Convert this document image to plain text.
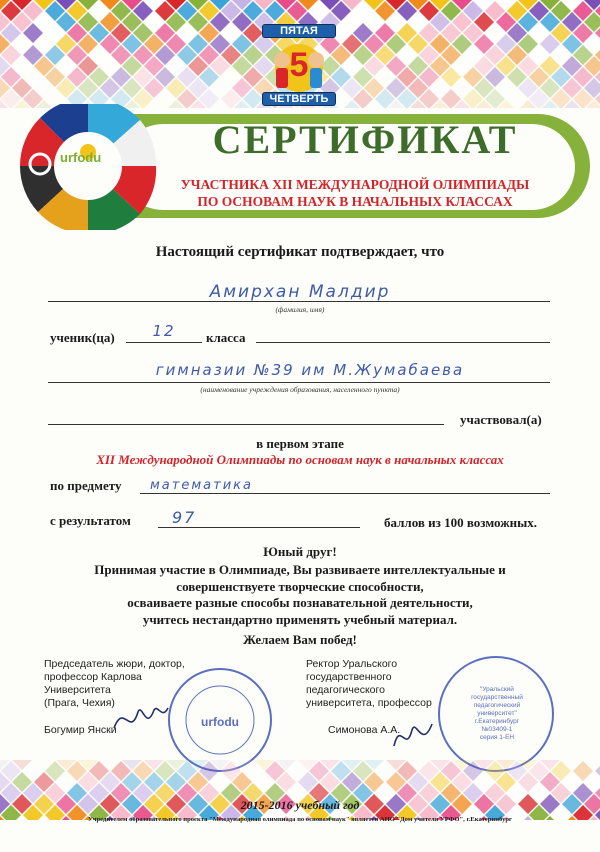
urfodu
ПЯТАЯ
5
ЧЕТВЕРТЬ
СЕРТИФИКАТ
УЧАСТНИКА XII МЕЖДУНАРОДНОЙ ОЛИМПИАДЫ
ПО ОСНОВАМ НАУК В НАЧАЛЬНЫХ КЛАССАХ
Настоящий сертификат подтверждает, что
Амирхан Малдир
(фамилия, имя)
ученик(ца)	12	класса
гимназии №39 им М.Жумабаева
(наименование учреждения образования, населенного пункта)
участвовал(а)
в первом этапе
XII Международной Олимпиады по основам наук в начальных классах
по предмету математика
с результатом	97	баллов из 100 возможных.
Юный друг!
Принимая участие в Олимпиаде, Вы развиваете интеллектуальные и
совершенствуете творческие способности,
осваиваете разные способы познавательной деятельности,
учитесь нестандартно применять учебный материал.
Желаем Вам побед!
Председатель жюри, доктор,
профессор Карлова
Университета
(Прага, Чехия)
Богумир Янски
urfodu
Ректор Уральского
государственного
педагогического
университета, профессор
Симонова А.А.
"Уральский
государственный
педагогический
университет"
г.Екатеринбург
№03409-1
серия 1-ЕН
2015-2016 учебный год
Учредителем образовательного проекта "Международная олимпиада по основам наук" является АНО "Дом учителя УРФО", г.Екатеринбург
